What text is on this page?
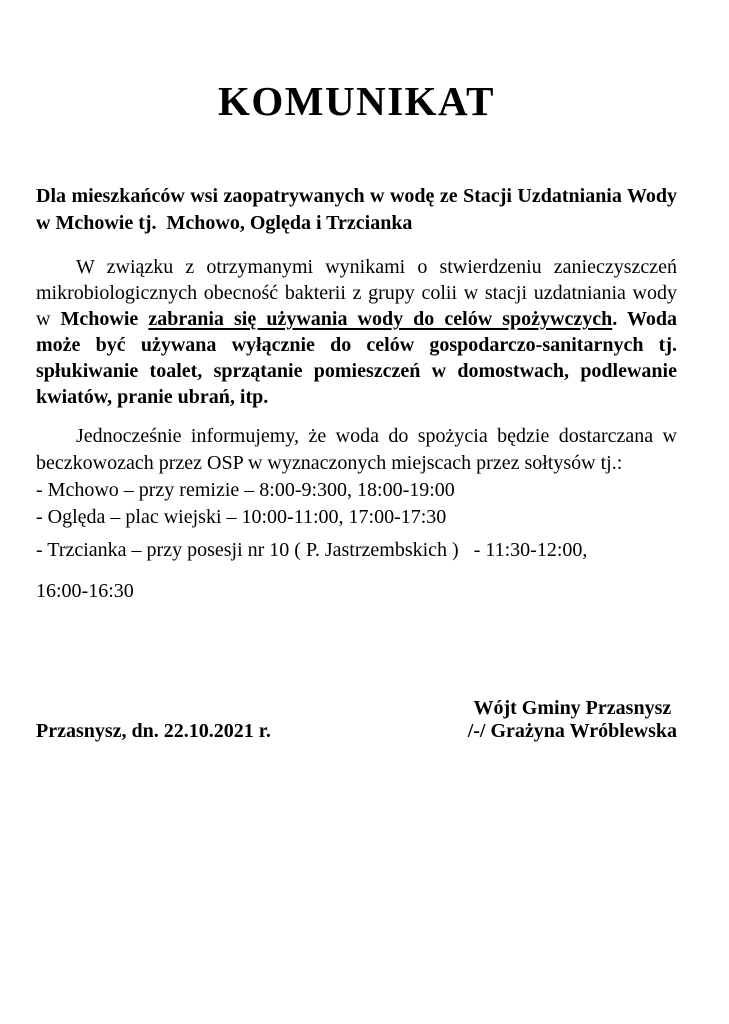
KOMUNIKAT

Dla mieszkańców wsi zaopatrywanych w wodę ze Stacji Uzdatniania Wody w Mchowie tj.  Mchowo, Oględa i Trzcianka

W związku z otrzymanymi wynikami o stwierdzeniu zanieczyszczeń mikrobiologicznych obecność bakterii z grupy colii w stacji uzdatniania wody w Mchowie zabrania się używania wody do celów spożywczych. Woda może być używana wyłącznie do celów gospodarczo-sanitarnych tj. spłukiwanie toalet, sprzątanie pomieszczeń w domostwach, podlewanie kwiatów, pranie ubrań, itp.

Jednocześnie informujemy, że woda do spożycia będzie dostarczana w beczkowozach przez OSP w wyznaczonych miejscach przez sołtysów tj.:

- Mchowo – przy remizie – 8:00-9:300, 18:00-19:00
- Oględa – plac wiejski – 10:00-11:00, 17:00-17:30
- Trzcianka – przy posesji nr 10 ( P. Jastrzembskich )   - 11:30-12:00,
16:00-16:30
Przasnysz, dn. 22.10.2021 r.
Wójt Gminy Przasnysz
/-/ Grażyna Wróblewska
